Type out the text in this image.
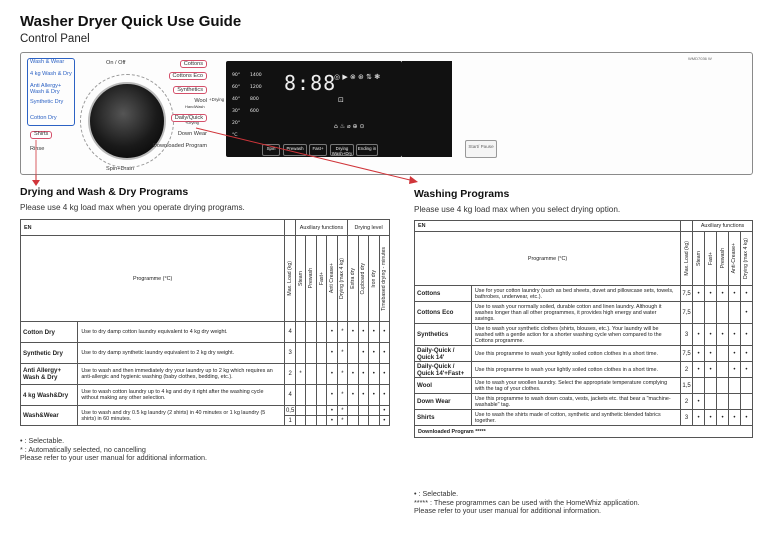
Washer Dryer Quick Use Guide
Control Panel
WMD7036 W
Wash & Wear
4 kg Wash & Dry
Anti Allergy+
Wash & Dry
Synthetic Dry
Cotton Dry
Shirts
Rinse
On / Off
Spin+Drain
Cottons
Cottons Eco
Synthetics
Wool
Daily/Quick
Down Wear
Downloaded Program
HandWash
+Drying
+Drying
90°
60°
40°
30°
20°
°C
1400
1200
800
600
8:88
◎ ▶ ⊗ ⊛ ⇅ ❃
⊡
⌂ ♨ ⌀ ⊕ ⊙
Spin	Prewash	Fast+	Drying
Wash+Dry
Ending in	Start/ Pause
Drying and Wash & Dry Programs
Please use 4 kg load max when you operate drying programs.
EN			Auxiliary functions					Drying level			
Programme (°C)		Max. Load (kg)	Steam	Prewash	Fast+	Anti Crease+	Drying (max 4 kg)	Extra dry	Cupboard dry	Iron dry	Timebased drying - minutes

Cotton Dry	Use to dry damp cotton laundry equivalent to 4 kg dry weight.	4				•	*	•	•	•	•
Synthetic Dry	Use to dry damp synthetic laundry equivalent to 2 kg dry weight.	3				•	*		•	•	•
Anti Allergy+ Wash & Dry	Use to wash and then immediately dry your laundry up to 2 kg which requires an anti-allergic and hygienic washing (baby clothes, bedding, etc.).	2	*			•	*	•	•	•	•
4 kg Wash&Dry	Use to wash cotton laundry up to 4 kg and dry it right after the washing cycle without making any other selection.	4				•	*	•	•	•	•
Wash&Wear	Use to wash and dry 0.5 kg laundry (2 shirts) in 40 minutes or 1 kg laundry (5 shirts) in 60 minutes.	0,5				•	*				•
		1				•	*				•
• : Selectable.
* : Automatically selected, no cancelling
Please refer to your user manual for additional information.
Washing Programs
Please use 4 kg load max when you select drying option.
EN			Auxiliary functions				
Programme (°C)		Max. Load (kg)	Steam	Fast+	Prewash	Anti-Crease+	Drying (max 4 kg)

Cottons	Use for your cotton laundry (such as bed sheets, duvet and pillowcase sets, towels, bathrobes, underwear, etc.).	7,5	•	•	•	•	•
Cottons Eco	Use to wash your normally soiled, durable cotton and linen laundry. Although it washes longer than all other programmes, it provides high energy and water savings.	7,5					•
Synthetics	Use to wash your synthetic clothes (shirts, blouses, etc.). Your laundry will be washed with a gentle action for a shorter washing cycle when compared to the Cottons programme.	3	•	•	•	•	•
Daily-Quick / Quick 14'	Use this programme to wash your lightly soiled cotton clothes in a short time.	7,5	•	•		•	•
Daily-Quick / Quick 14'+Fast+	Use this programme to wash your lightly soiled cotton clothes in a short time.	2	•	•		•	•
Wool	Use to wash your woollen laundry. Select the appropriate temperature complying with the tag of your clothes.	1,5					
Down Wear	Use this programme to wash down coats, vests, jackets etc. that bear a "machine-washable" tag.	2	•				
Shirts	Use to wash the shirts made of cotton, synthetic and synthetic blended fabrics together.	3	•	•	•	•	•
Downloaded Program *****							
• : Selectable.
***** : These programmes can be used with the HomeWhiz application.
Please refer to your user manual for additional information.
